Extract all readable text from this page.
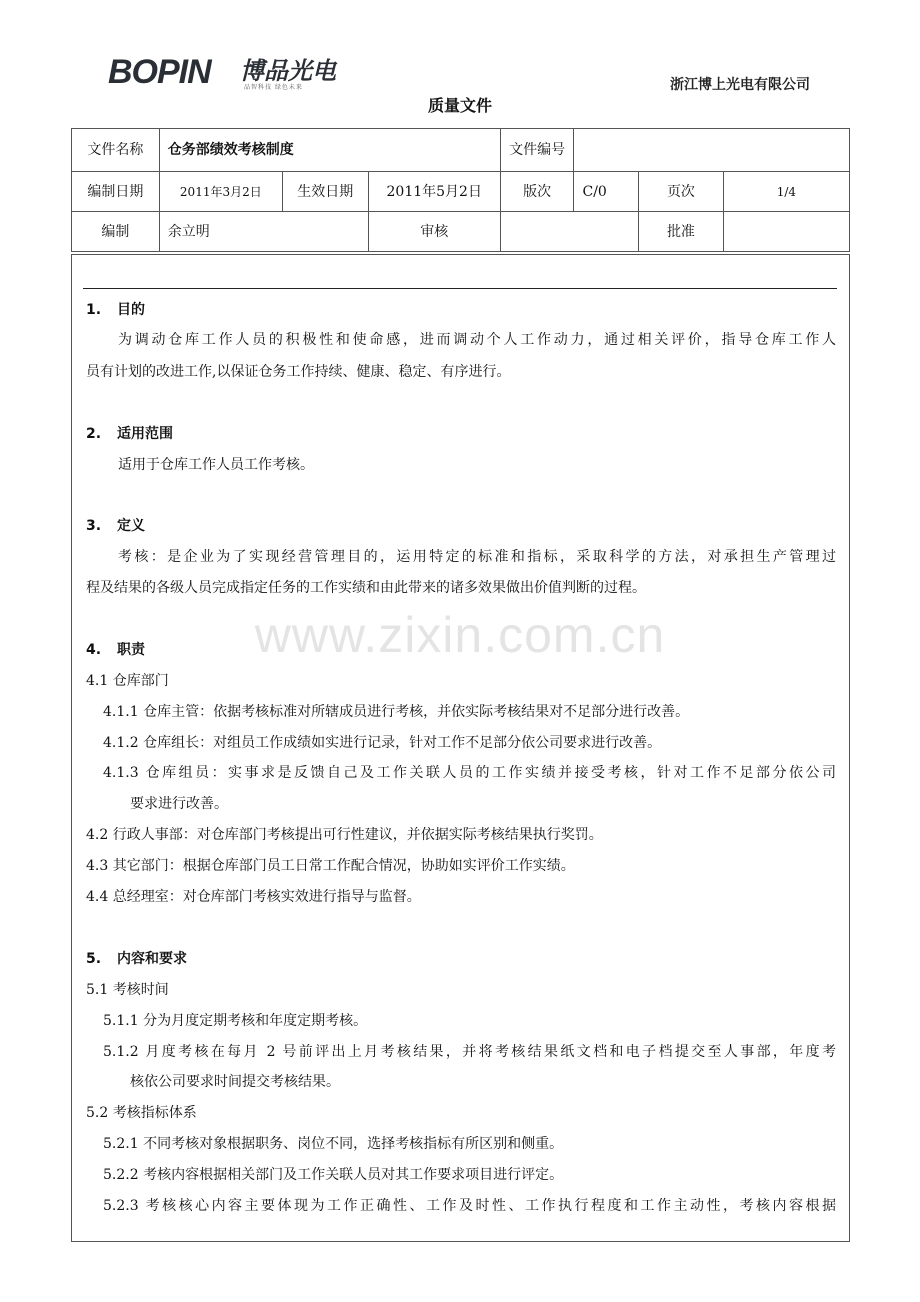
BOPIN 博品光电
品智科技 绿色未来	浙江博上光电有限公司
质量文件
文件名称	仓务部绩效考核制度			文件编号			
编制日期	2011年3月2日	生效日期	2011年5月2日	版次	C/0	页次	1/4
编制	余立明		审核			批准	
www.zixin.com.cn
1. 目的
为调动仓库工作人员的积极性和使命感，进而调动个人工作动力，通过相关评价，指导仓库工作人
员有计划的改进工作,以保证仓务工作持续、健康、稳定、有序进行。
2. 适用范围
适用于仓库工作人员工作考核。
3. 定义
考核：是企业为了实现经营管理目的，运用特定的标准和指标，采取科学的方法，对承担生产管理过
程及结果的各级人员完成指定任务的工作实绩和由此带来的诸多效果做出价值判断的过程。
4. 职责
4.1 仓库部门
4.1.1 仓库主管：依据考核标准对所辖成员进行考核，并依实际考核结果对不足部分进行改善。
4.1.2 仓库组长：对组员工作成绩如实进行记录，针对工作不足部分依公司要求进行改善。
4.1.3 仓库组员：实事求是反馈自己及工作关联人员的工作实绩并接受考核，针对工作不足部分依公司
要求进行改善。
4.2 行政人事部：对仓库部门考核提出可行性建议，并依据实际考核结果执行奖罚。
4.3 其它部门：根据仓库部门员工日常工作配合情况，协助如实评价工作实绩。
4.4 总经理室：对仓库部门考核实效进行指导与监督。
5. 内容和要求
5.1 考核时间
5.1.1 分为月度定期考核和年度定期考核。
5.1.2 月度考核在每月 2 号前评出上月考核结果，并将考核结果纸文档和电子档提交至人事部，年度考
核依公司要求时间提交考核结果。
5.2 考核指标体系
5.2.1 不同考核对象根据职务、岗位不同，选择考核指标有所区别和侧重。
5.2.2 考核内容根据相关部门及工作关联人员对其工作要求项目进行评定。
5.2.3 考核核心内容主要体现为工作正确性、工作及时性、工作执行程度和工作主动性，考核内容根据
